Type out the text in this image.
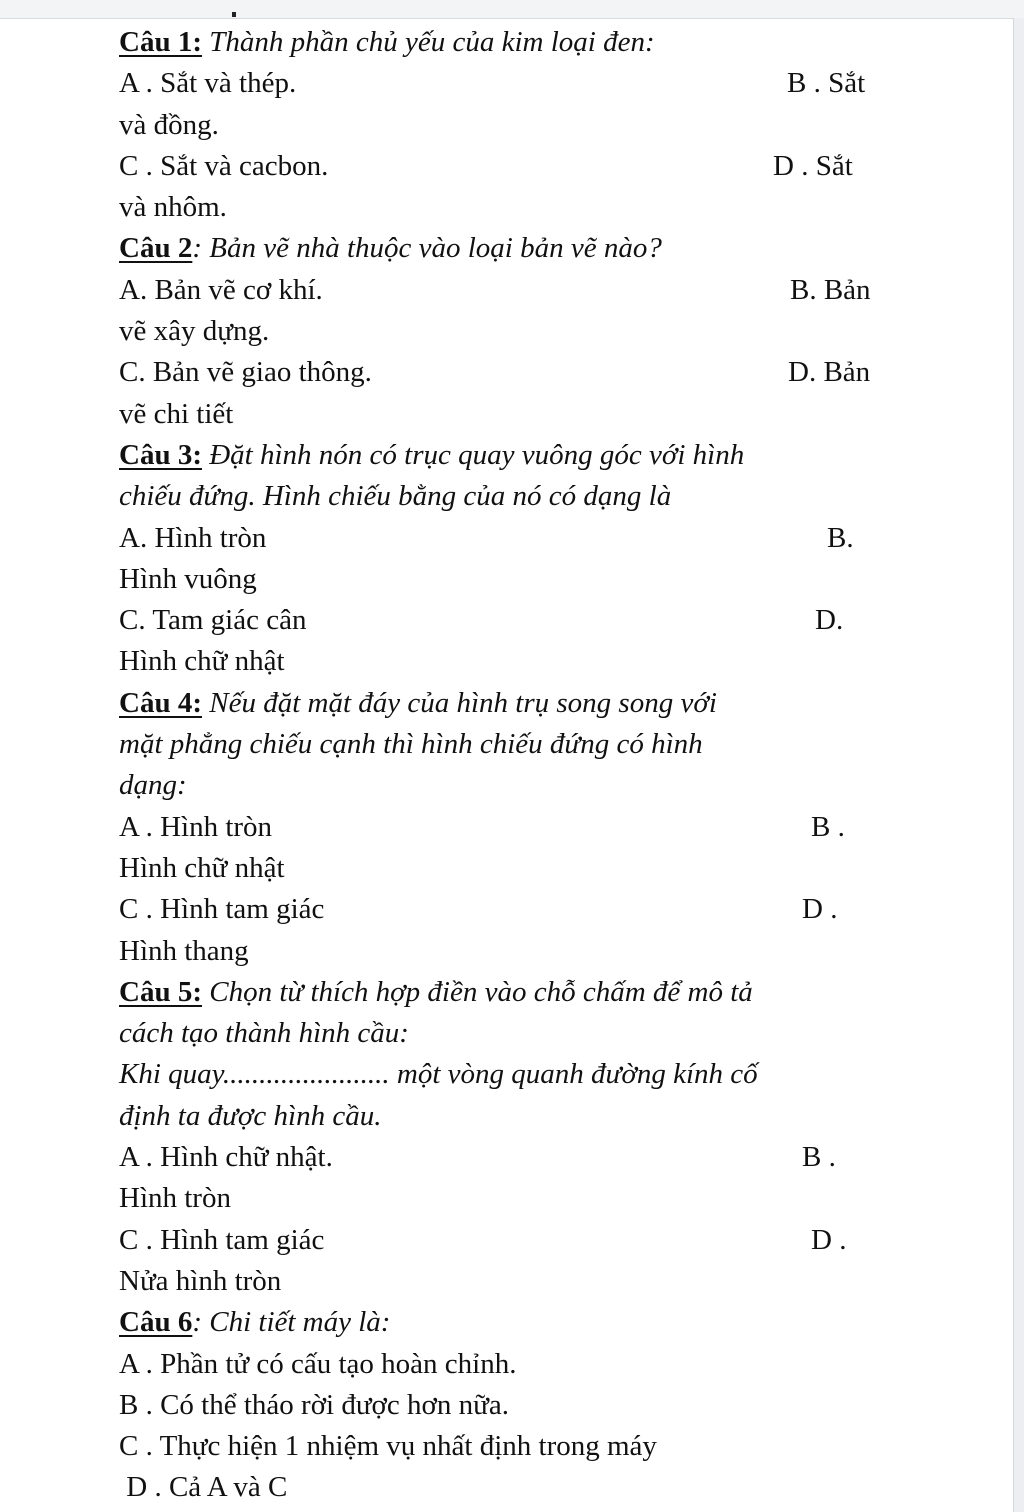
Câu 1: Thành phần chủ yếu của kim loại đen:
A . Sắt và thép.	B . Sắt
và đồng.
C . Sắt và cacbon.	D . Sắt
và nhôm.
Câu 2: Bản vẽ nhà thuộc vào loại bản vẽ nào?
A. Bản vẽ cơ khí.	B. Bản
vẽ xây dựng.
C. Bản vẽ giao thông.	D. Bản
vẽ chi tiết
Câu 3: Đặt hình nón có trục quay vuông góc với hình
chiếu đứng. Hình chiếu bằng của nó có dạng là
A. Hình tròn	B.
Hình vuông
C. Tam giác cân	D.
Hình chữ nhật
Câu 4: Nếu đặt mặt đáy của hình trụ song song với
mặt phẳng chiếu cạnh thì hình chiếu đứng có hình
dạng:
A . Hình tròn	B .
Hình chữ nhật
C . Hình tam giác	D .
Hình thang
Câu 5: Chọn từ thích hợp điền vào chỗ chấm để mô tả
cách tạo thành hình cầu:
Khi quay....................... một vòng quanh đường kính cố
định ta được hình cầu.
A . Hình chữ nhật.	B .
Hình tròn
C . Hình tam giác	D .
Nửa hình tròn
Câu 6: Chi tiết máy là:
A . Phần tử có cấu tạo hoàn chỉnh.
B . Có thể tháo rời được hơn nữa.
C . Thực hiện 1 nhiệm vụ nhất định trong máy
D . Cả A và C
